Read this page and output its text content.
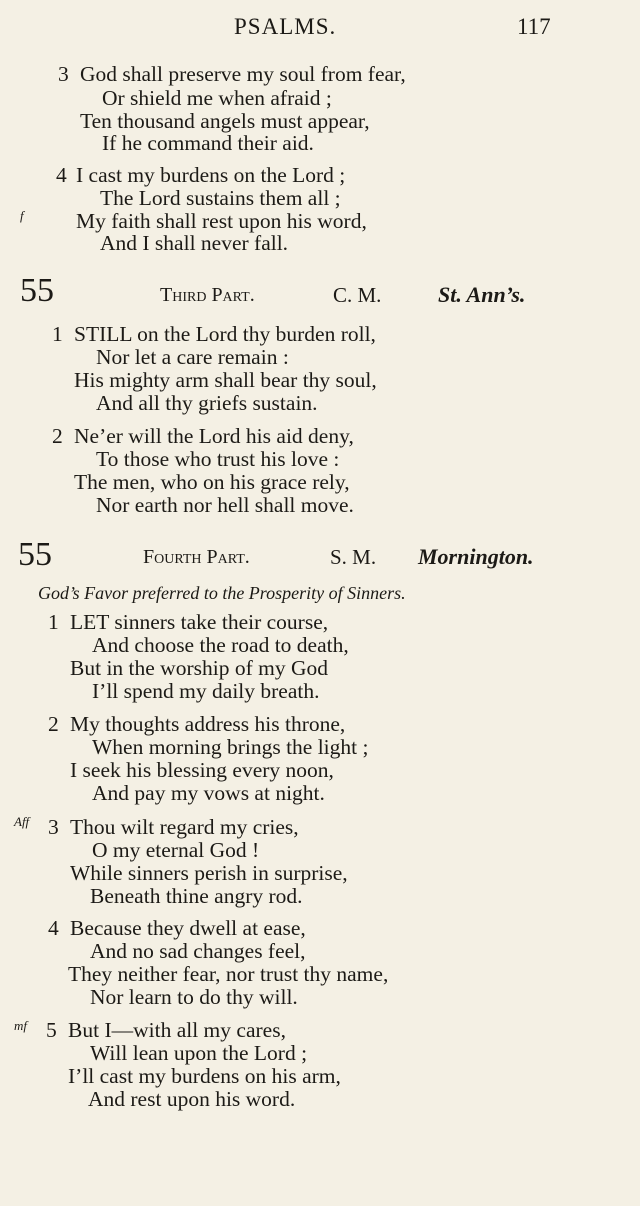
PSALMS.	117
3 God shall preserve my soul from fear,
Or shield me when afraid ;
Ten thousand angels must appear,
If he command their aid.
4 I cast my burdens on the Lord ;
The Lord sustains them all ;
f My faith shall rest upon his word,
And I shall never fall.
55	Third Part.	C. M.	St. Ann’s.
1 STILL on the Lord thy burden roll,
Nor let a care remain :
His mighty arm shall bear thy soul,
And all thy griefs sustain.
2 Ne’er will the Lord his aid deny,
To those who trust his love :
The men, who on his grace rely,
Nor earth nor hell shall move.
55	Fourth Part.	S. M. Mornington.
God’s Favor preferred to the Prosperity of Sinners.
1 LET sinners take their course,
And choose the road to death,
But in the worship of my God
I’ll spend my daily breath.
2 My thoughts address his throne,
When morning brings the light ;
I seek his blessing every noon,
And pay my vows at night.
Aff 3 Thou wilt regard my cries,
O my eternal God !
While sinners perish in surprise,
Beneath thine angry rod.
4 Because they dwell at ease,
And no sad changes feel,
They neither fear, nor trust thy name,
Nor learn to do thy will.
mf 5 But I—with all my cares,
Will lean upon the Lord ;
I’ll cast my burdens on his arm,
And rest upon his word.
